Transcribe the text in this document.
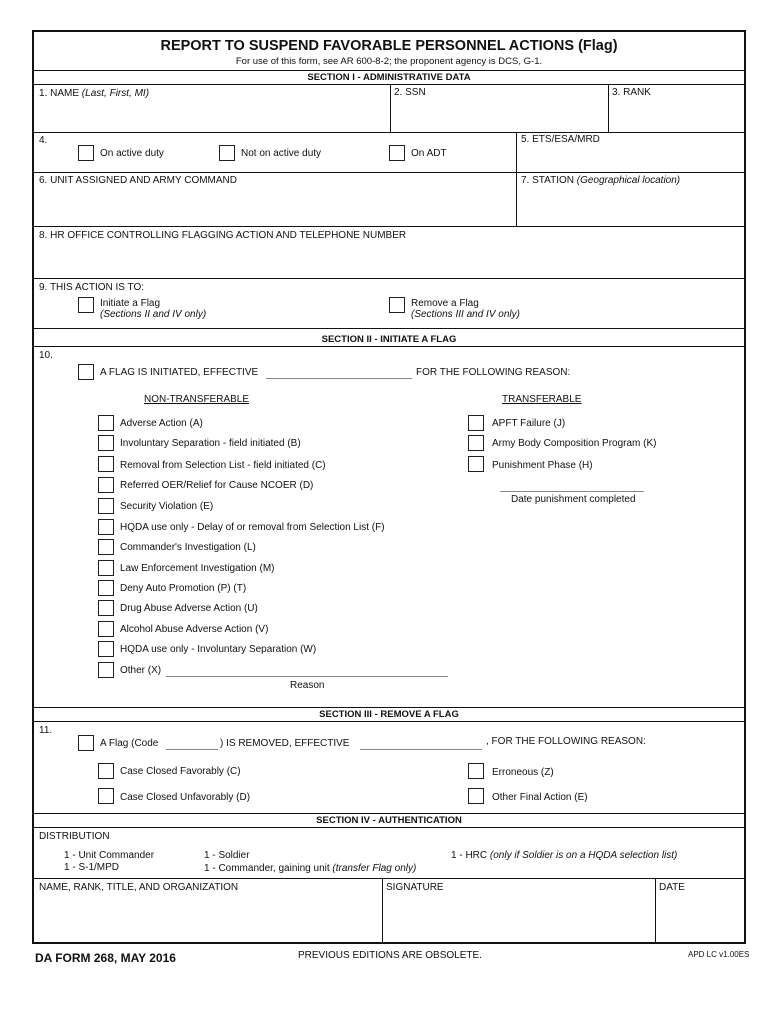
REPORT TO SUSPEND FAVORABLE PERSONNEL ACTIONS (Flag)
For use of this form, see AR 600-8-2; the proponent agency is DCS, G-1.
SECTION I - ADMINISTRATIVE DATA
1. NAME (Last, First, MI)	2. SSN	3. RANK
4.
On active duty	Not on active duty	On ADT
5. ETS/ESA/MRD
6. UNIT ASSIGNED AND ARMY COMMAND	7. STATION (Geographical location)
8. HR OFFICE CONTROLLING FLAGGING ACTION AND TELEPHONE NUMBER
9. THIS ACTION IS TO:
Initiate a Flag
(Sections II and IV only)
Remove a Flag
(Sections III and IV only)
SECTION II - INITIATE A FLAG
10.
A FLAG IS INITIATED, EFFECTIVE	FOR THE FOLLOWING REASON:
NON-TRANSFERABLE	TRANSFERABLE
Adverse Action (A)
Involuntary Separation - field initiated (B)
Removal from Selection List - field initiated (C)
Referred OER/Relief for Cause NCOER (D)
Security Violation (E)
HQDA use only - Delay of or removal from Selection List (F)
Commander's Investigation (L)
Law Enforcement Investigation (M)
Deny Auto Promotion (P) (T)
Drug Abuse Adverse Action (U)
Alcohol Abuse Adverse Action (V)
HQDA use only - Involuntary Separation (W)
Other (X)
Reason
APFT Failure (J)
Army Body Composition Program (K)
Punishment Phase (H)
Date punishment completed
SECTION III - REMOVE A FLAG
11.
A Flag (Code	) IS REMOVED, EFFECTIVE	, FOR THE FOLLOWING REASON:
Case Closed Favorably (C)	Erroneous (Z)
Case Closed Unfavorably (D)	Other Final Action (E)
SECTION IV - AUTHENTICATION
DISTRIBUTION
1 - Unit Commander
1 - S-1/MPD
1 - Soldier
1 - Commander, gaining unit (transfer Flag only)
1 - HRC (only if Soldier is on a HQDA selection list)
NAME, RANK, TITLE, AND ORGANIZATION	SIGNATURE	DATE
DA FORM 268, MAY 2016	PREVIOUS EDITIONS ARE OBSOLETE.	APD LC v1.00ES
